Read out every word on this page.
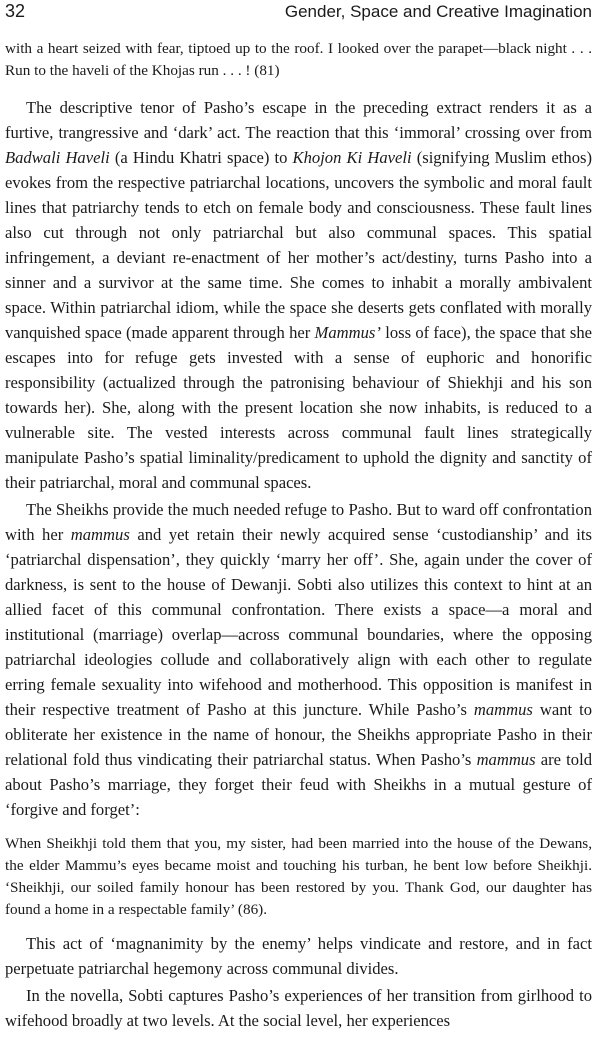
32	Gender, Space and Creative Imagination

with a heart seized with fear, tiptoed up to the roof. I looked over the parapet—black night . . . Run to the haveli of the Khojas run . . . ! (81)

The descriptive tenor of Pasho’s escape in the preceding extract renders it as a furtive, trangressive and ‘dark’ act. The reaction that this ‘immoral’ crossing over from Badwali Haveli (a Hindu Khatri space) to Khojon Ki Haveli (signifying Muslim ethos) evokes from the respective patriarchal locations, uncovers the symbolic and moral fault lines that patriarchy tends to etch on female body and consciousness. These fault lines also cut through not only patriarchal but also communal spaces. This spatial infringement, a deviant re-enactment of her mother’s act/destiny, turns Pasho into a sinner and a survivor at the same time. She comes to inhabit a morally ambivalent space. Within patriarchal idiom, while the space she deserts gets conflated with morally vanquished space (made apparent through her Mammus’ loss of face), the space that she escapes into for refuge gets invested with a sense of euphoric and honorific responsibility (actualized through the patronising behaviour of Shiekhji and his son towards her). She, along with the present location she now inhabits, is reduced to a vulnerable site. The vested interests across communal fault lines strategically manipulate Pasho’s spatial liminality/predicament to uphold the dignity and sanctity of their patriarchal, moral and communal spaces.

The Sheikhs provide the much needed refuge to Pasho. But to ward off confrontation with her mammus and yet retain their newly acquired sense ‘custodianship’ and its ‘patriarchal dispensation’, they quickly ‘marry her off’. She, again under the cover of darkness, is sent to the house of Dewanji. Sobti also utilizes this context to hint at an allied facet of this communal confrontation. There exists a space—a moral and institutional (marriage) overlap—across communal boundaries, where the opposing patriarchal ideologies collude and collaboratively align with each other to regulate erring female sexuality into wifehood and motherhood. This opposition is manifest in their respective treatment of Pasho at this juncture. While Pasho’s mammus want to obliterate her existence in the name of honour, the Sheikhs appropriate Pasho in their relational fold thus vindicating their patriarchal status. When Pasho’s mammus are told about Pasho’s marriage, they forget their feud with Sheikhs in a mutual gesture of ‘forgive and forget’:

When Sheikhji told them that you, my sister, had been married into the house of the Dewans, the elder Mammu’s eyes became moist and touching his turban, he bent low before Sheikhji. ‘Sheikhji, our soiled family honour has been restored by you. Thank God, our daughter has found a home in a respectable family’ (86).

This act of ‘magnanimity by the enemy’ helps vindicate and restore, and in fact perpetuate patriarchal hegemony across communal divides.

In the novella, Sobti captures Pasho’s experiences of her transition from girlhood to wifehood broadly at two levels. At the social level, her experiences
